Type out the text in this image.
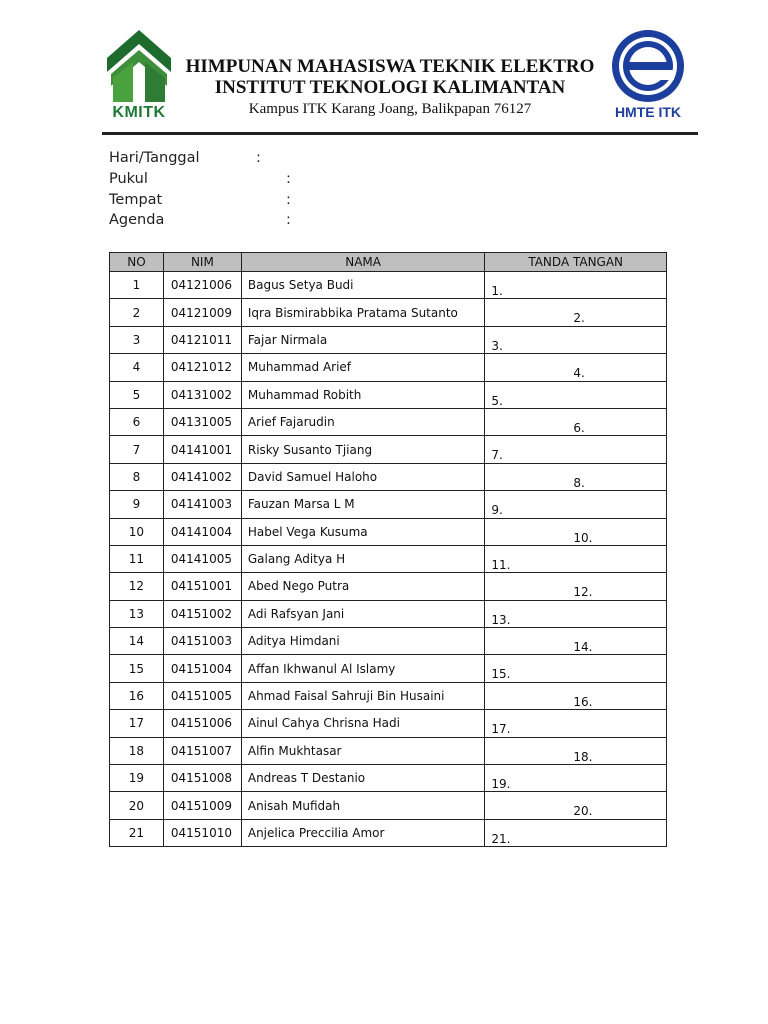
KMITK
HIMPUNAN MAHASISWA TEKNIK ELEKTRO
INSTITUT TEKNOLOGI KALIMANTAN
Kampus ITK Karang Joang, Balikpapan 76127	HMTE ITK
Hari/Tanggal	:
Pukul	:
Tempat	:
Agenda	:
NO	NIM	NAMA	TANDA TANGAN
1	04121006	Bagus Setya Budi	1.

2	04121009	Iqra Bismirabbika Pratama Sutanto	2.

3	04121011	Fajar Nirmala	3.

4	04121012	Muhammad Arief	4.

5	04131002	Muhammad Robith	5.

6	04131005	Arief Fajarudin	6.

7	04141001	Risky Susanto Tjiang	7.

8	04141002	David Samuel Haloho	8.

9	04141003	Fauzan Marsa L M	9.

10	04141004	Habel Vega Kusuma	10.

11	04141005	Galang Aditya H	11.

12	04151001	Abed Nego Putra	12.

13	04151002	Adi Rafsyan Jani	13.

14	04151003	Aditya Himdani	14.

15	04151004	Affan Ikhwanul Al Islamy	15.

16	04151005	Ahmad Faisal Sahruji Bin Husaini	16.

17	04151006	Ainul Cahya Chrisna Hadi	17.

18	04151007	Alfin Mukhtasar	18.

19	04151008	Andreas T Destanio	19.

20	04151009	Anisah Mufidah	20.

21	04151010	Anjelica Preccilia Amor	21.
